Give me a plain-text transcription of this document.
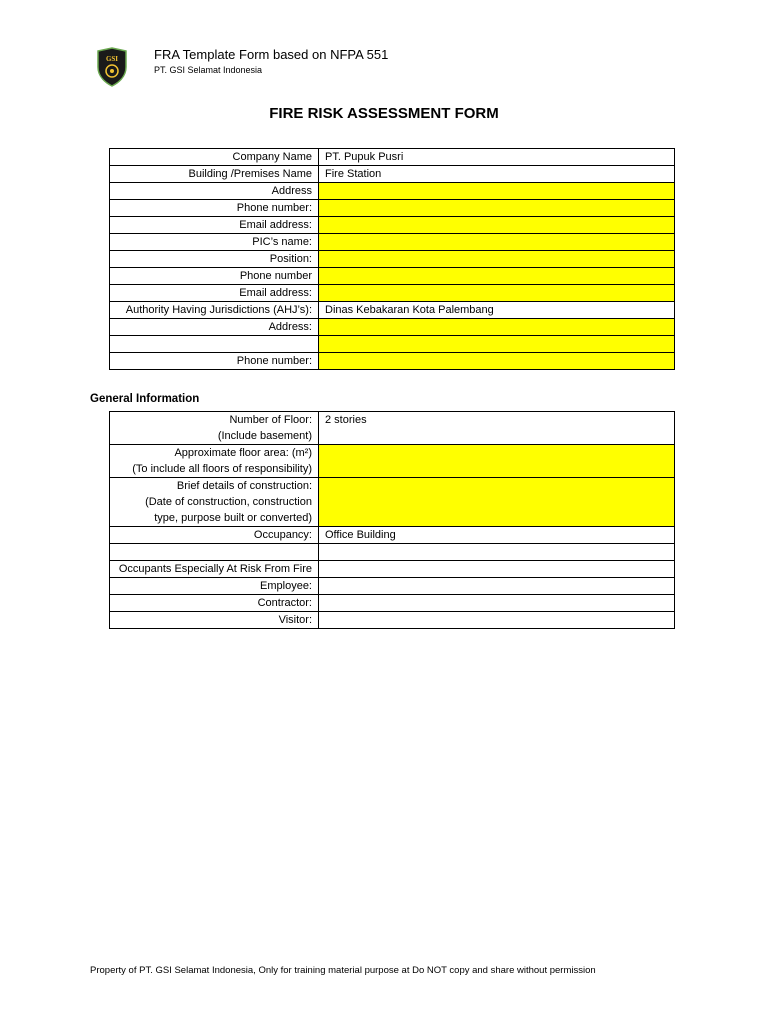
GSI	FRA Template Form based on NFPA 551
PT. GSI Selamat Indonesia
FIRE RISK ASSESSMENT FORM
Company Name	PT. Pupuk Pusri
Building /Premises Name	Fire Station
Address	
Phone number:	
Email address:	
PIC’s name:	
Position:	
Phone number	
Email address:	
Authority Having Jurisdictions (AHJ’s):	Dinas Kebakaran Kota Palembang
Address:	

Phone number:	
General Information
Number of Floor:
(Include basement)	2 stories

Approximate floor area: (m²)
(To include all floors of responsibility)	

Brief details of construction:
(Date of construction, construction
type, purpose built or converted)	

Occupancy:	Office Building

Occupants Especially At Risk From Fire	
Employee:	
Contractor:	
Visitor:	
Property of PT. GSI Selamat Indonesia, Only for training material purpose at Do NOT copy and share without permission
